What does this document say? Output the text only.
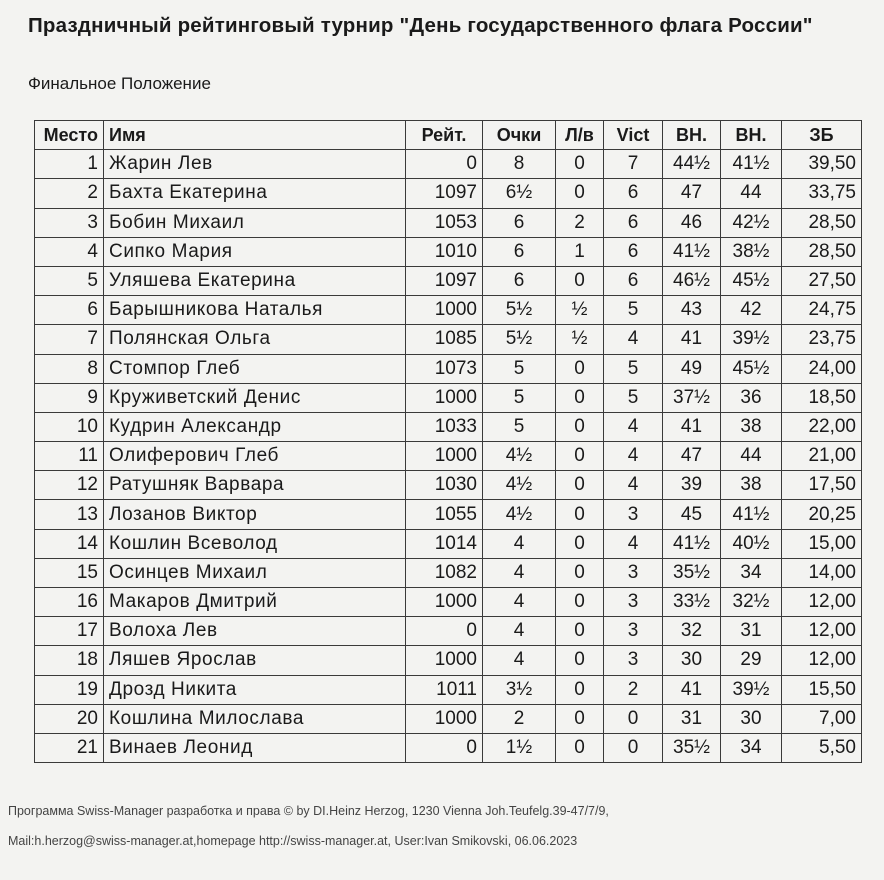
Праздничный рейтинговый турнир "День государственного флага России"
Финальное Положение
Место	Имя	Рейт.	Очки	Л/в	Vict	ВН.	ВН.	ЗБ
1	Жарин Лев	0	8	0	7	44½	41½	39,50
2	Бахта Екатерина	1097	6½	0	6	47	44	33,75
3	Бобин Михаил	1053	6	2	6	46	42½	28,50
4	Сипко Мария	1010	6	1	6	41½	38½	28,50
5	Уляшева Екатерина	1097	6	0	6	46½	45½	27,50
6	Барышникова Наталья	1000	5½	½	5	43	42	24,75
7	Полянская Ольга	1085	5½	½	4	41	39½	23,75
8	Стомпор Глеб	1073	5	0	5	49	45½	24,00
9	Круживетский Денис	1000	5	0	5	37½	36	18,50
10	Кудрин Александр	1033	5	0	4	41	38	22,00
11	Олиферович Глеб	1000	4½	0	4	47	44	21,00
12	Ратушняк Варвара	1030	4½	0	4	39	38	17,50
13	Лозанов Виктор	1055	4½	0	3	45	41½	20,25
14	Кошлин Всеволод	1014	4	0	4	41½	40½	15,00
15	Осинцев Михаил	1082	4	0	3	35½	34	14,00
16	Макаров Дмитрий	1000	4	0	3	33½	32½	12,00
17	Волоха Лев	0	4	0	3	32	31	12,00
18	Ляшев Ярослав	1000	4	0	3	30	29	12,00
19	Дрозд Никита	1011	3½	0	2	41	39½	15,50
20	Кошлина Милослава	1000	2	0	0	31	30	7,00
21	Винаев Леонид	0	1½	0	0	35½	34	5,50
Программа Swiss-Manager разработка и права © by DI.Heinz Herzog, 1230 Vienna Joh.Teufelg.39-47/7/9,
Mail:h.herzog@swiss-manager.at,homepage http://swiss-manager.at, User:Ivan Smikovski, 06.06.2023
